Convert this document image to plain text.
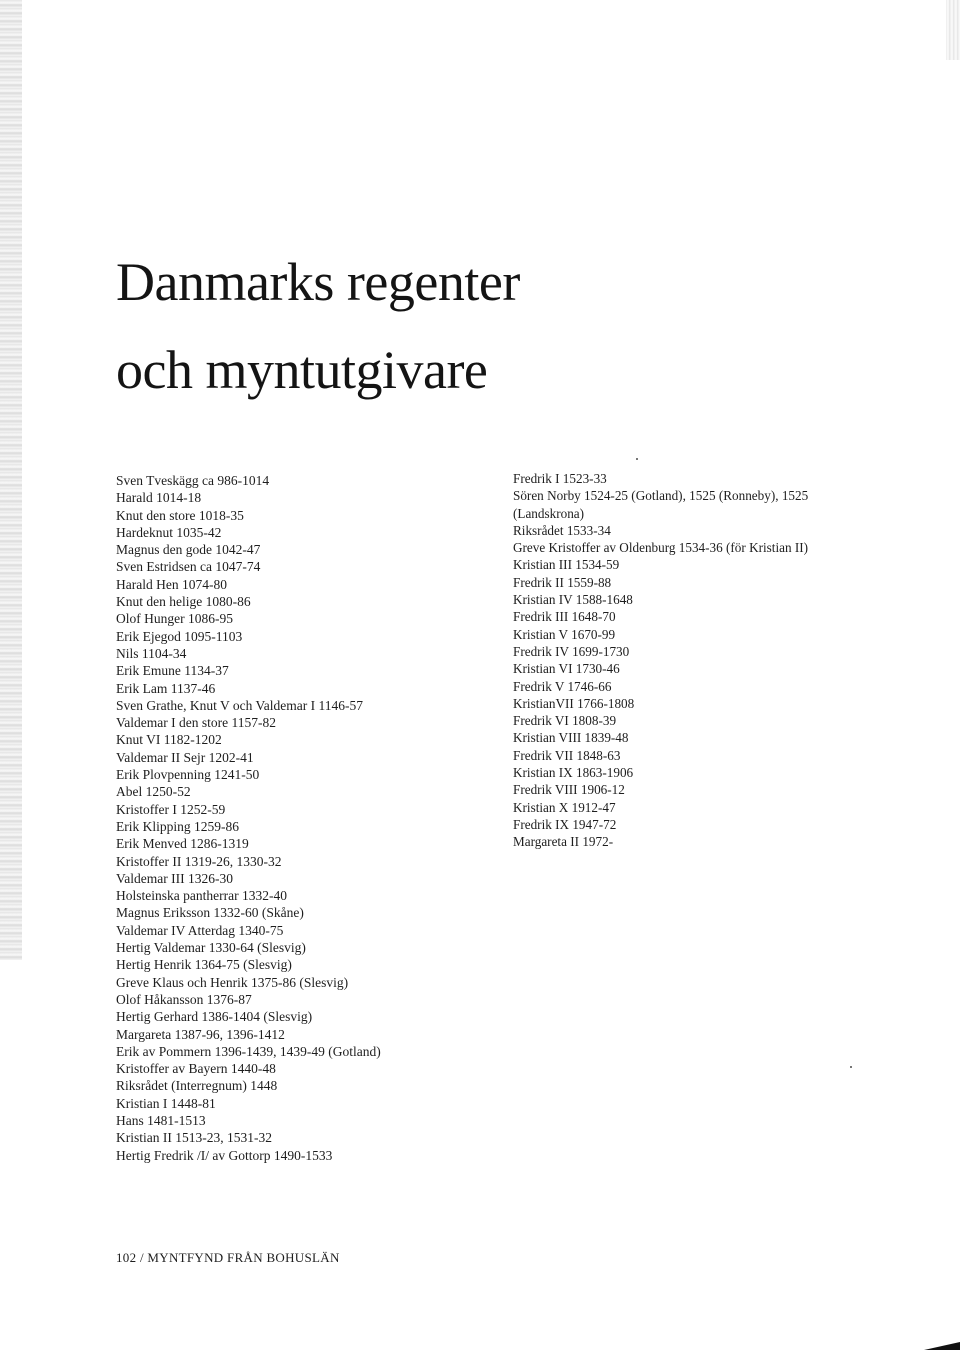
Danmarks regenter
och myntutgivare
Sven Tveskägg ca 986-1014
Harald 1014-18
Knut den store 1018-35
Hardeknut 1035-42
Magnus den gode 1042-47
Sven Estridsen ca 1047-74
Harald Hen 1074-80
Knut den helige 1080-86
Olof Hunger 1086-95
Erik Ejegod 1095-1103
Nils 1104-34
Erik Emune 1134-37
Erik Lam 1137-46
Sven Grathe, Knut V och Valdemar I 1146-57
Valdemar I den store 1157-82
Knut VI 1182-1202
Valdemar II Sejr 1202-41
Erik Plovpenning 1241-50
Abel 1250-52
Kristoffer I 1252-59
Erik Klipping 1259-86
Erik Menved 1286-1319
Kristoffer II 1319-26, 1330-32
Valdemar III 1326-30
Holsteinska pantherrar 1332-40
Magnus Eriksson 1332-60 (Skåne)
Valdemar IV Atterdag 1340-75
Hertig Valdemar 1330-64 (Slesvig)
Hertig Henrik 1364-75 (Slesvig)
Greve Klaus och Henrik 1375-86 (Slesvig)
Olof Håkansson 1376-87
Hertig Gerhard 1386-1404 (Slesvig)
Margareta 1387-96, 1396-1412
Erik av Pommern 1396-1439, 1439-49 (Gotland)
Kristoffer av Bayern 1440-48
Riksrådet (Interregnum) 1448
Kristian I 1448-81
Hans 1481-1513
Kristian II 1513-23, 1531-32
Hertig Fredrik /I/ av Gottorp 1490-1533
Fredrik I 1523-33
Sören Norby 1524-25 (Gotland), 1525 (Ronneby), 1525
(Landskrona)
Riksrådet 1533-34
Greve Kristoffer av Oldenburg 1534-36 (för Kristian II)
Kristian III 1534-59
Fredrik II 1559-88
Kristian IV 1588-1648
Fredrik III 1648-70
Kristian V 1670-99
Fredrik IV 1699-1730
Kristian VI 1730-46
Fredrik V 1746-66
KristianVII 1766-1808
Fredrik VI 1808-39
Kristian VIII 1839-48
Fredrik VII 1848-63
Kristian IX 1863-1906
Fredrik VIII 1906-12
Kristian X 1912-47
Fredrik IX 1947-72
Margareta II 1972-
102 / MYNTFYND FRÅN BOHUSLÄN
